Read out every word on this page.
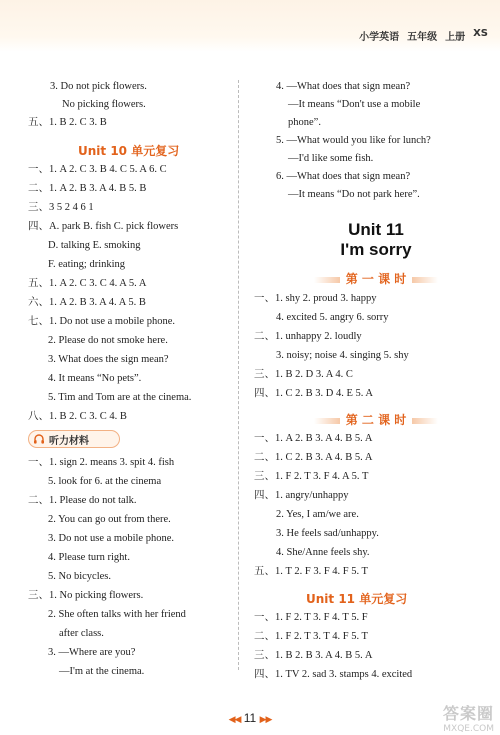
小学英语 五年级 上册 XS
3. Do not pick flowers.
No picking flowers.
五、1. B 2. C 3. B
Unit 10 单元复习
一、1. A 2. C 3. B 4. C 5. A 6. C
二、1. A 2. B 3. A 4. B 5. B
三、3 5 2 4 6 1
四、A. park B. fish C. pick flowers
D. talking E. smoking
F. eating; drinking
五、1. A 2. C 3. C 4. A 5. A
六、1. A 2. B 3. A 4. A 5. B
七、1. Do not use a mobile phone.
2. Please do not smoke here.
3. What does the sign mean?
4. It means “No pets”.
5. Tim and Tom are at the cinema.
八、1. B 2. C 3. C 4. B
听力材料
一、1. sign 2. means 3. spit 4. fish
5. look for 6. at the cinema
二、1. Please do not talk.
2. You can go out from there.
3. Do not use a mobile phone.
4. Please turn right.
5. No bicycles.
三、1. No picking flowers.
2. She often talks with her friend
after class.
3. —Where are you?
—I'm at the cinema.
4. —What does that sign mean?
—It means “Don't use a mobile
phone”.
5. —What would you like for lunch?
—I'd like some fish.
6. —What does that sign mean?
—It means “Do not park here”.
Unit 11
I'm sorry
第 一 课 时
一、1. shy 2. proud 3. happy
4. excited 5. angry 6. sorry
二、1. unhappy 2. loudly
3. noisy; noise 4. singing 5. shy
三、1. B 2. D 3. A 4. C
四、1. C 2. B 3. D 4. E 5. A
第 二 课 时
一、1. A 2. B 3. A 4. B 5. A
二、1. C 2. B 3. A 4. B 5. A
三、1. F 2. T 3. F 4. A 5. T
四、1. angry/unhappy
2. Yes, I am/we are.
3. He feels sad/unhappy.
4. She/Anne feels shy.
五、1. T 2. F 3. F 4. F 5. T
Unit 11 单元复习
一、1. F 2. T 3. F 4. T 5. F
二、1. F 2. T 3. T 4. F 5. T
三、1. B 2. B 3. A 4. B 5. A
四、1. TV 2. sad 3. stamps 4. excited
◀◀ 11 ▶▶	答案圈
MXQE.COM
